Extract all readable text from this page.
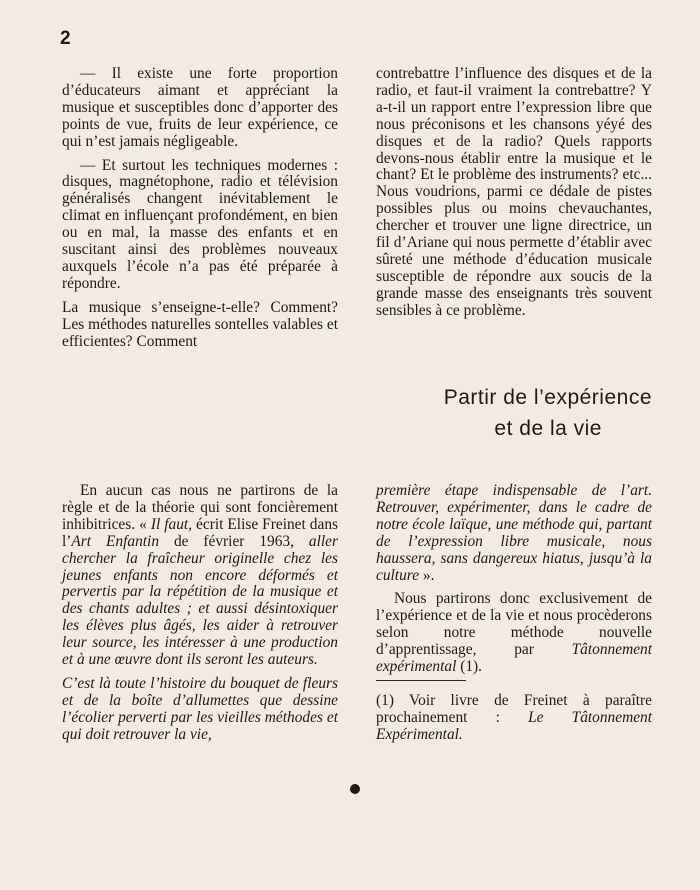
2

— Il existe une forte proportion d’éducateurs aimant et appréciant la musique et susceptibles donc d’apporter des points de vue, fruits de leur expérience, ce qui n’est jamais négligeable.

— Et surtout les techniques modernes : disques, magnétophone, radio et télévision généralisés changent inévitablement le climat en influençant profondément, en bien ou en mal, la masse des enfants et en suscitant ainsi des problèmes nouveaux auxquels l’école n’a pas été préparée à répondre.

La musique s’enseigne-t-elle? Comment? Les méthodes naturelles sontelles valables et efficientes? Comment

contrebattre l’influence des disques et de la radio, et faut-il vraiment la contrebattre? Y a-t-il un rapport entre l’expression libre que nous préconisons et les chansons yéyé des disques et de la radio? Quels rapports devons-nous établir entre la musique et le chant? Et le problème des instruments? etc... Nous voudrions, parmi ce dédale de pistes possibles plus ou moins chevauchantes, chercher et trouver une ligne directrice, un fil d’Ariane qui nous permette d’établir avec sûreté une méthode d’éducation musicale susceptible de répondre aux soucis de la grande masse des enseignants très souvent sensibles à ce problème.

Partir de l’expérience
et de la vie

En aucun cas nous ne partirons de la règle et de la théorie qui sont foncièrement inhibitrices. « Il faut, écrit Elise Freinet dans l’Art Enfantin de février 1963, aller chercher la fraîcheur originelle chez les jeunes enfants non encore déformés et pervertis par la répétition de la musique et des chants adultes ; et aussi désintoxiquer les élèves plus âgés, les aider à retrouver leur source, les intéresser à une production et à une œuvre dont ils seront les auteurs.

C’est là toute l’histoire du bouquet de fleurs et de la boîte d’allumettes que dessine l’écolier perverti par les vieilles méthodes et qui doit retrouver la vie,

première étape indispensable de l’art. Retrouver, expérimenter, dans le cadre de notre école laïque, une méthode qui, partant de l’expression libre musicale, nous haussera, sans dangereux hiatus, jusqu’à la culture ».

Nous partirons donc exclusivement de l’expérience et de la vie et nous procèderons selon notre méthode nouvelle d’apprentissage, par Tâtonnement expérimental (1).

(1) Voir livre de Freinet à paraître prochainement : Le Tâtonnement Expérimental.
